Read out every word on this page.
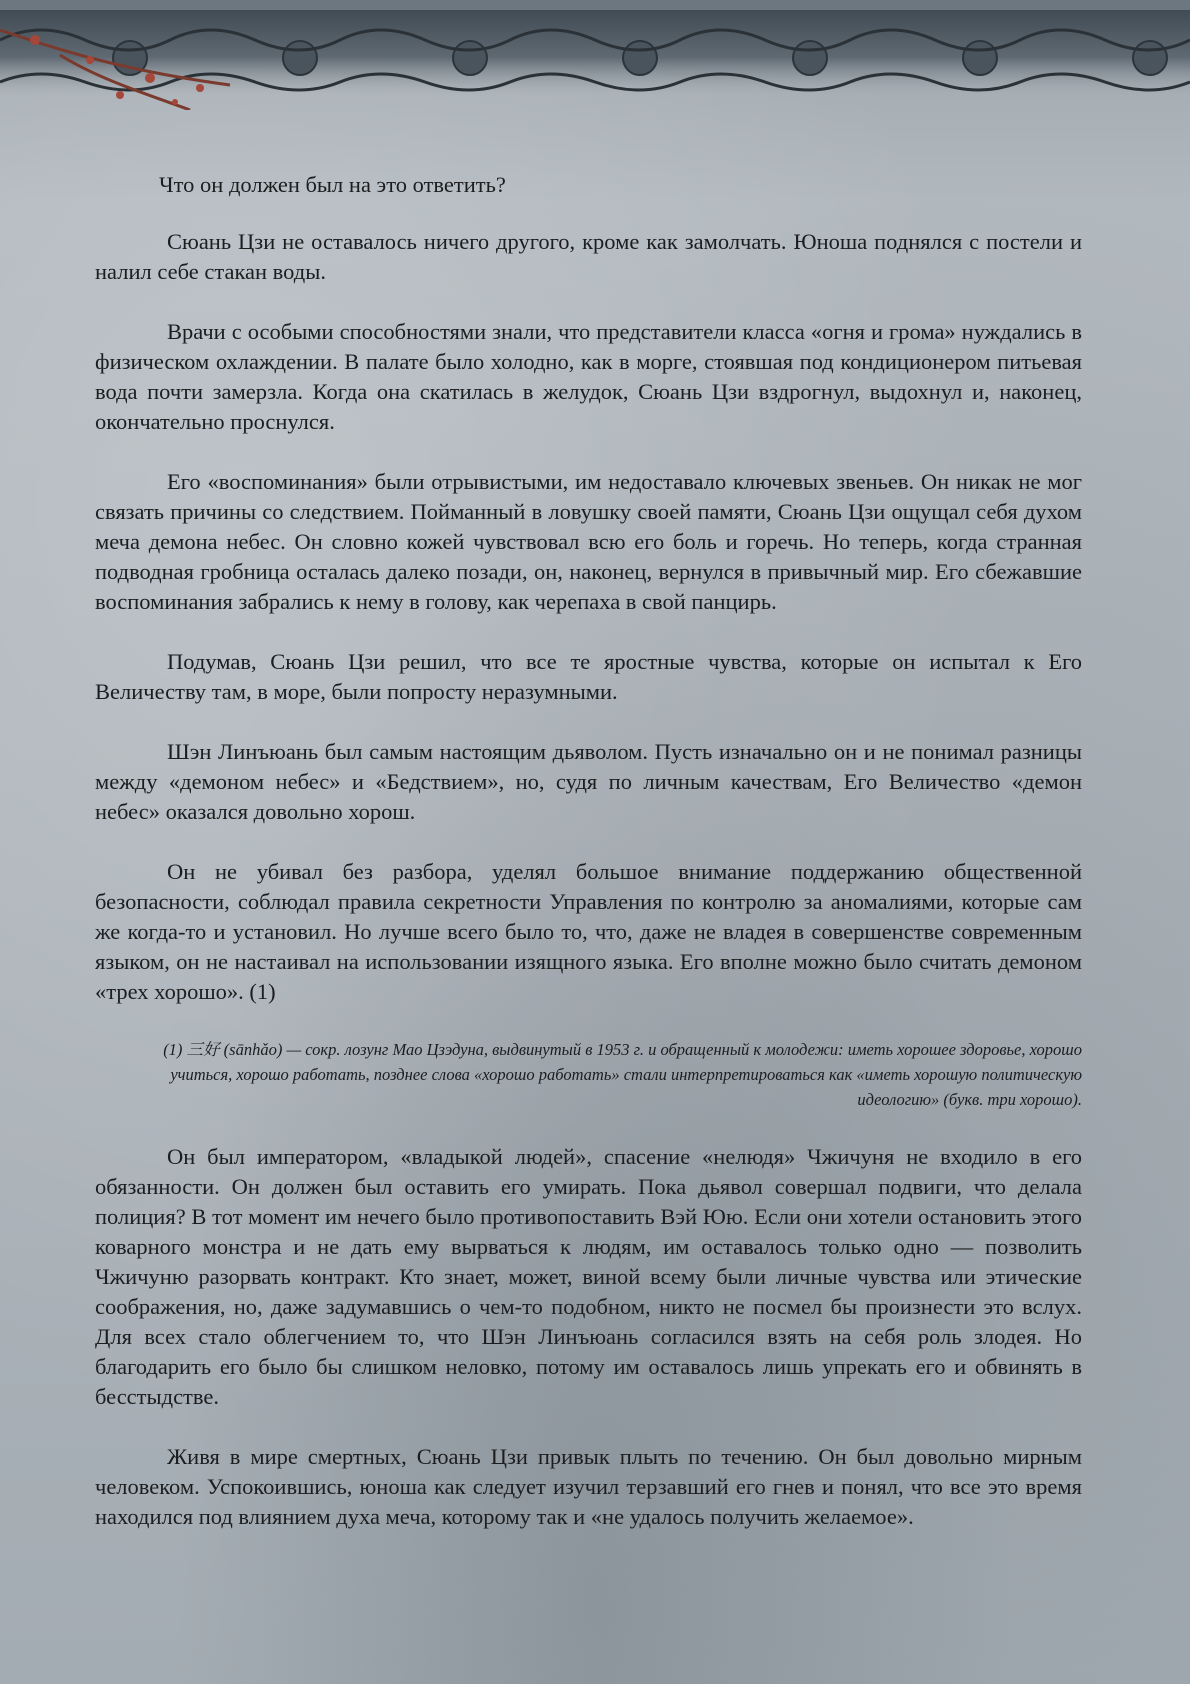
Что он должен был на это ответить?

Сюань Цзи не оставалось ничего другого, кроме как замолчать. Юноша поднялся с постели и налил себе стакан воды.

Врачи с особыми способностями знали, что представители класса «огня и грома» нуждались в физическом охлаждении. В палате было холодно, как в морге, стоявшая под кондиционером питьевая вода почти замерзла. Когда она скатилась в желудок, Сюань Цзи вздрогнул, выдохнул и, наконец, окончательно проснулся.

Его «воспоминания» были отрывистыми, им недоставало ключевых звеньев. Он никак не мог связать причины со следствием. Пойманный в ловушку своей памяти, Сюань Цзи ощущал себя духом меча демона небес. Он словно кожей чувствовал всю его боль и горечь. Но теперь, когда странная подводная гробница осталась далеко позади, он, наконец, вернулся в привычный мир. Его сбежавшие воспоминания забрались к нему в голову, как черепаха в свой панцирь.

Подумав, Сюань Цзи решил, что все те яростные чувства, которые он испытал к Его Величеству там, в море, были попросту неразумными.

Шэн Линъюань был самым настоящим дьяволом. Пусть изначально он и не понимал разницы между «демоном небес» и «Бедствием», но, судя по личным качествам, Его Величество «демон небес» оказался довольно хорош.

Он не убивал без разбора, уделял большое внимание поддержанию общественной безопасности, соблюдал правила секретности Управления по контролю за аномалиями, которые сам же когда-то и установил. Но лучше всего было то, что, даже не владея в совершенстве современным языком, он не настаивал на использовании изящного языка. Его вполне можно было считать демоном «трех хорошо». (1)

(1) 三好 (sānhǎo) — сокр. лозунг Мао Цзэдуна, выдвинутый в 1953 г. и обращенный к молодежи: иметь хорошее здоровье, хорошо учиться, хорошо работать, позднее слова «хорошо работать» стали интерпретироваться как «иметь хорошую политическую идеологию» (букв. три хорошо).

Он был императором, «владыкой людей», спасение «нелюдя» Чжичуня не входило в его обязанности. Он должен был оставить его умирать. Пока дьявол совершал подвиги, что делала полиция? В тот момент им нечего было противопоставить Вэй Юю. Если они хотели остановить этого коварного монстра и не дать ему вырваться к людям, им оставалось только одно — позволить Чжичуню разорвать контракт. Кто знает, может, виной всему были личные чувства или этические соображения, но, даже задумавшись о чем-то подобном, никто не посмел бы произнести это вслух. Для всех стало облегчением то, что Шэн Линъюань согласился взять на себя роль злодея. Но благодарить его было бы слишком неловко, потому им оставалось лишь упрекать его и обвинять в бесстыдстве.

Живя в мире смертных, Сюань Цзи привык плыть по течению. Он был довольно мирным человеком. Успокоившись, юноша как следует изучил терзавший его гнев и понял, что все это время находился под влиянием духа меча, которому так и «не удалось получить желаемое».
